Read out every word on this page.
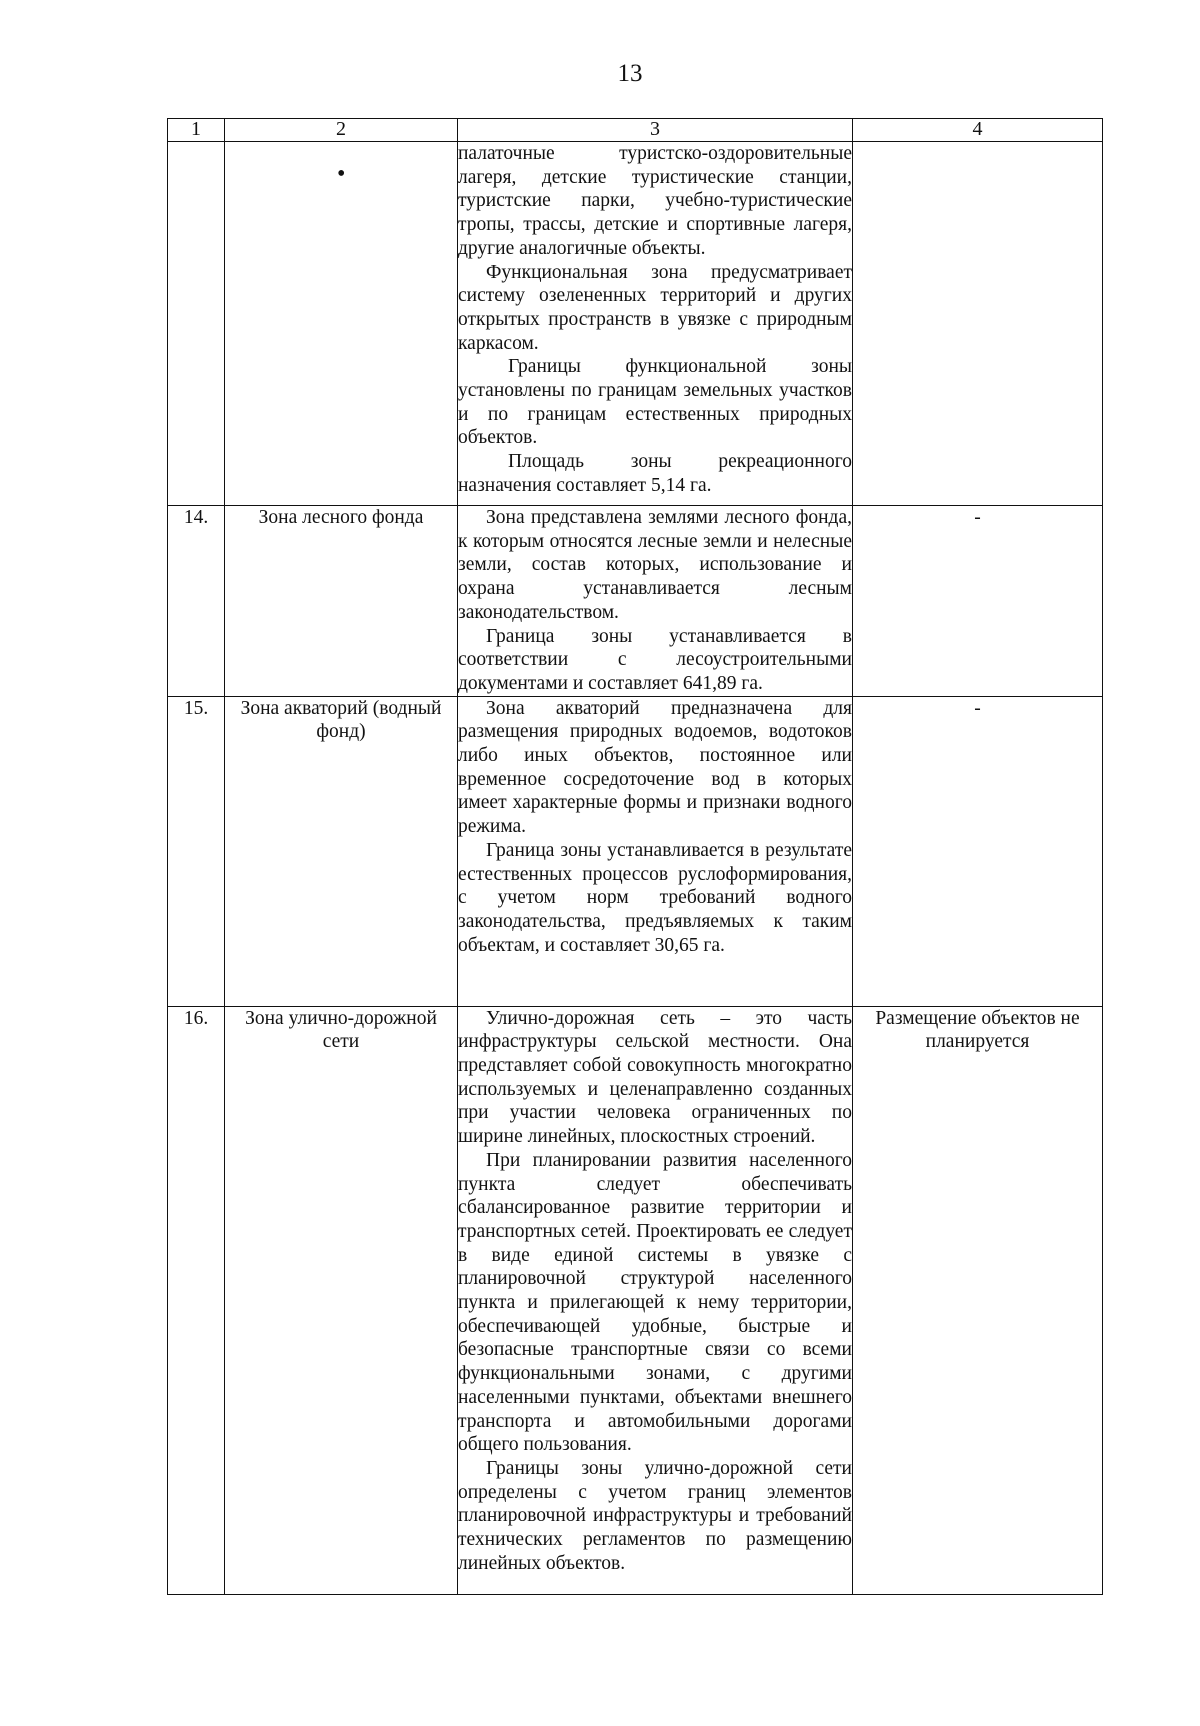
13
1	2	3	4

	•	палаточные туристско-оздоровительные лагеря, детские туристические станции, туристские парки, учебно-туристические тропы, трассы, детские и спортивные лагеря, другие аналогичные объекты.

Функциональная зона предусматривает систему озелененных территорий и других открытых пространств в увязке с природным каркасом.

Границы функциональной зоны установлены по границам земельных участков и по границам естественных природных объектов.

Площадь зоны рекреационного назначения составляет 5,14 га.	

14.	Зона лесного фонда	Зона представлена землями лесного фонда, к которым относятся лесные земли и нелесные земли, состав которых, использование и охрана устанавливается лесным законодательством.

Граница зоны устанавливается в соответствии с лесоустроительными документами и составляет 641,89 га.	-
15.	Зона акваторий (водный фонд)	Зона акваторий предназначена для размещения природных водоемов, водотоков либо иных объектов, постоянное или временное сосредоточение вод в которых имеет характерные формы и признаки водного режима.

Граница зоны устанавливается в результате естественных процессов руслоформирования, с учетом норм требований водного законодательства, предъявляемых к таким объектам, и составляет 30,65 га.	-
16.	Зона улично-дорожной сети	Улично-дорожная сеть – это часть инфраструктуры сельской местности. Она представляет собой совокупность многократно используемых и целенаправленно созданных при участии человека ограниченных по ширине линейных, плоскостных строений.

При планировании развития населенного пункта следует обеспечивать сбалансированное развитие территории и транспортных сетей. Проектировать ее следует в виде единой системы в увязке с планировочной структурой населенного пункта и прилегающей к нему территории, обеспечивающей удобные, быстрые и безопасные транспортные связи со всеми функциональными зонами, с другими населенными пунктами, объектами внешнего транспорта и автомобильными дорогами общего пользования.

Границы зоны улично-дорожной сети определены с учетом границ элементов планировочной инфраструктуры и требований технических регламентов по размещению линейных объектов.	Размещение объектов не планируется
